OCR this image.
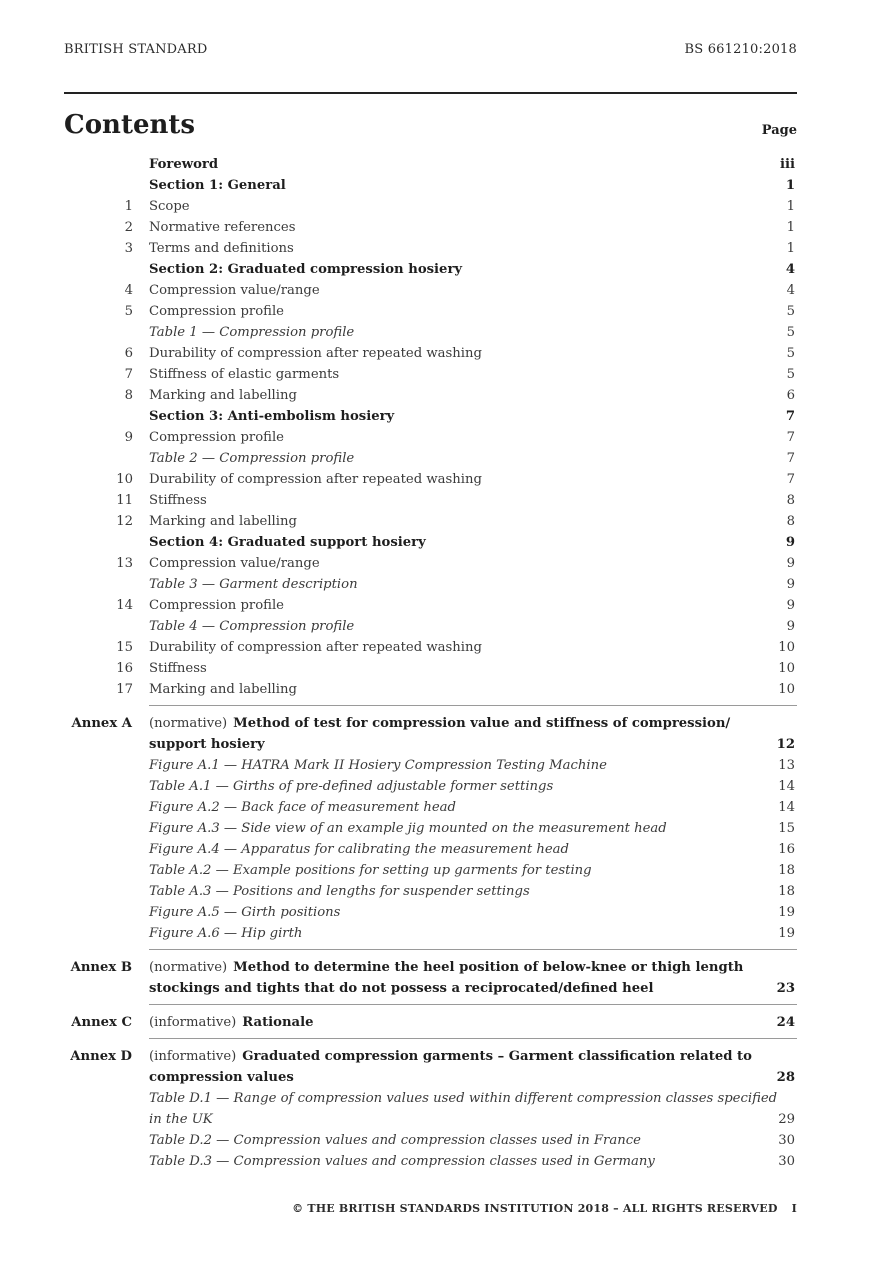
BRITISH STANDARD	BS 661210:2018
Contents	Page
Foreword	iii
Section 1: General	1
1 Scope	1
2 Normative references	1
3 Terms and definitions	1
Section 2: Graduated compression hosiery	4
4 Compression value/range	4
5 Compression profile	5
Table 1 — Compression profile	5
6 Durability of compression after repeated washing	5
7 Stiffness of elastic garments	5
8 Marking and labelling	6
Section 3: Anti-embolism hosiery	7
9 Compression profile	7
Table 2 — Compression profile	7
10 Durability of compression after repeated washing	7
11 Stiffness	8
12 Marking and labelling	8
Section 4: Graduated support hosiery	9
13 Compression value/range	9
Table 3 — Garment description	9
14 Compression profile	9
Table 4 — Compression profile	9
15 Durability of compression after repeated washing	10
16 Stiffness	10
17 Marking and labelling	10
Annex A (normative) Method of test for compression value and stiffness of compression/
support hosiery	12
Figure A.1 — HATRA Mark II Hosiery Compression Testing Machine	13
Table A.1 — Girths of pre-defined adjustable former settings	14
Figure A.2 — Back face of measurement head	14
Figure A.3 — Side view of an example jig mounted on the measurement head	15
Figure A.4 — Apparatus for calibrating the measurement head	16
Table A.2 — Example positions for setting up garments for testing	18
Table A.3 — Positions and lengths for suspender settings	18
Figure A.5 — Girth positions	19
Figure A.6 — Hip girth	19
Annex B (normative) Method to determine the heel position of below-knee or thigh length
stockings and tights that do not possess a reciprocated/defined heel	23
Annex C (informative) Rationale	24
Annex D (informative) Graduated compression garments – Garment classification related to
compression values	28
Table D.1 — Range of compression values used within different compression classes specified
in the UK	29
Table D.2 — Compression values and compression classes used in France	30
Table D.3 — Compression values and compression classes used in Germany	30
© THE BRITISH STANDARDS INSTITUTION 2018 – ALL RIGHTS RESERVED I
